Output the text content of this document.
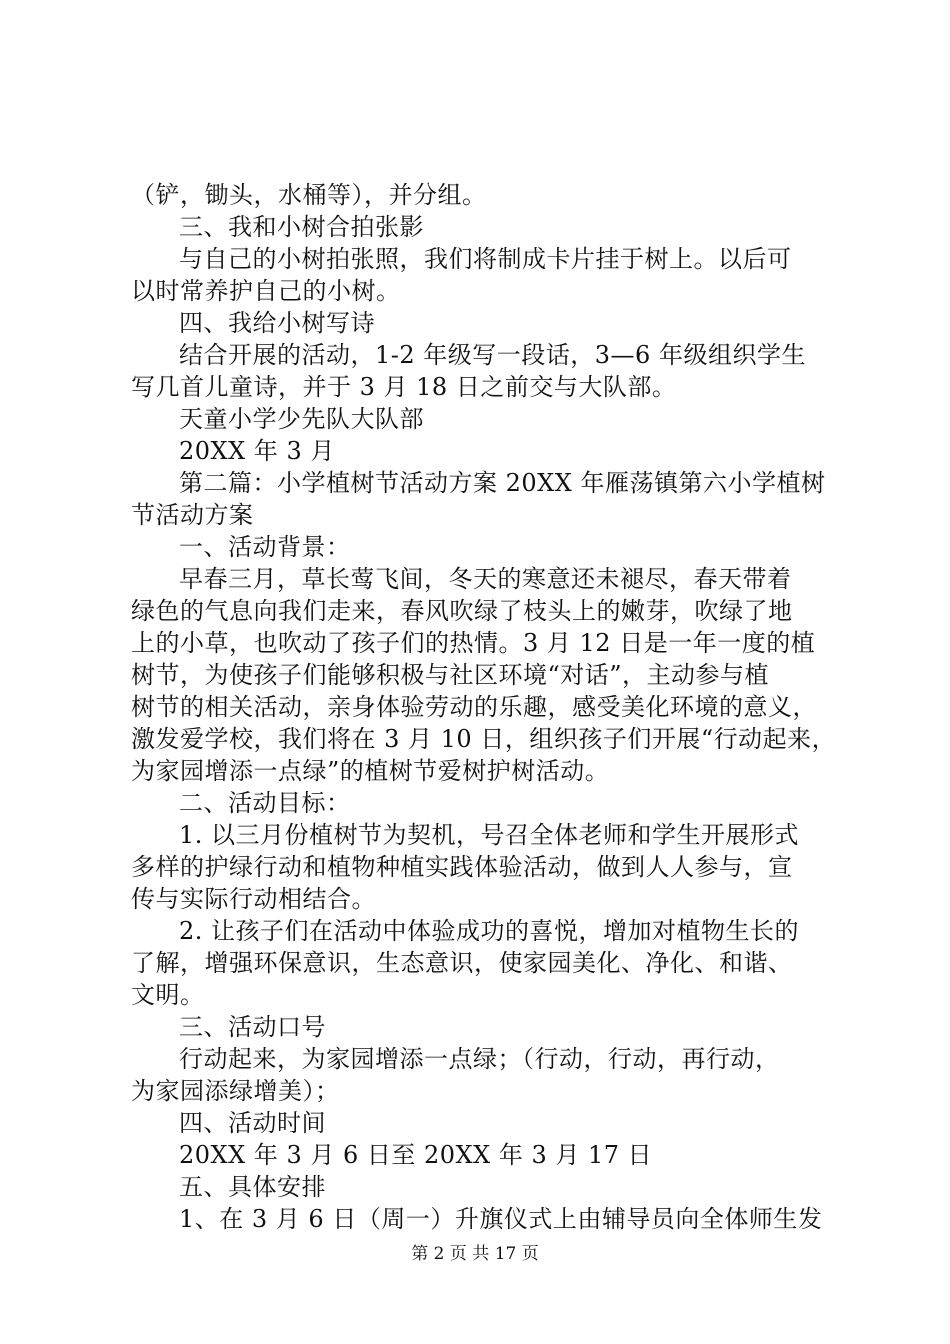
（铲，锄头，水桶等），并分组。
三、我和小树合拍张影
与自己的小树拍张照，我们将制成卡片挂于树上。以后可
以时常养护自己的小树。
四、我给小树写诗
结合开展的活动，1-2 年级写一段话，3—6 年级组织学生
写几首儿童诗，并于 3 月 18 日之前交与大队部。
天童小学少先队大队部
20XX 年 3 月
第二篇：小学植树节活动方案 20XX 年雁荡镇第六小学植树
节活动方案
一、活动背景：
早春三月，草长莺飞间，冬天的寒意还未褪尽，春天带着
绿色的气息向我们走来，春风吹绿了枝头上的嫩芽，吹绿了地
上的小草，也吹动了孩子们的热情。3 月 12 日是一年一度的植
树节，为使孩子们能够积极与社区环境“对话”，主动参与植
树节的相关活动，亲身体验劳动的乐趣，感受美化环境的意义，
激发爱学校，我们将在 3 月 10 日，组织孩子们开展“行动起来，
为家园增添一点绿”的植树节爱树护树活动。
二、活动目标：
1. 以三月份植树节为契机，号召全体老师和学生开展形式
多样的护绿行动和植物种植实践体验活动，做到人人参与，宣
传与实际行动相结合。
2. 让孩子们在活动中体验成功的喜悦，增加对植物生长的
了解，增强环保意识，生态意识，使家园美化、净化、和谐、
文明。
三、活动口号
行动起来，为家园增添一点绿；（行动，行动，再行动，
为家园添绿增美）；
四、活动时间
20XX 年 3 月 6 日至 20XX 年 3 月 17 日
五、具体安排
1、在 3 月 6 日（周一）升旗仪式上由辅导员向全体师生发
第 2 页 共 17 页
